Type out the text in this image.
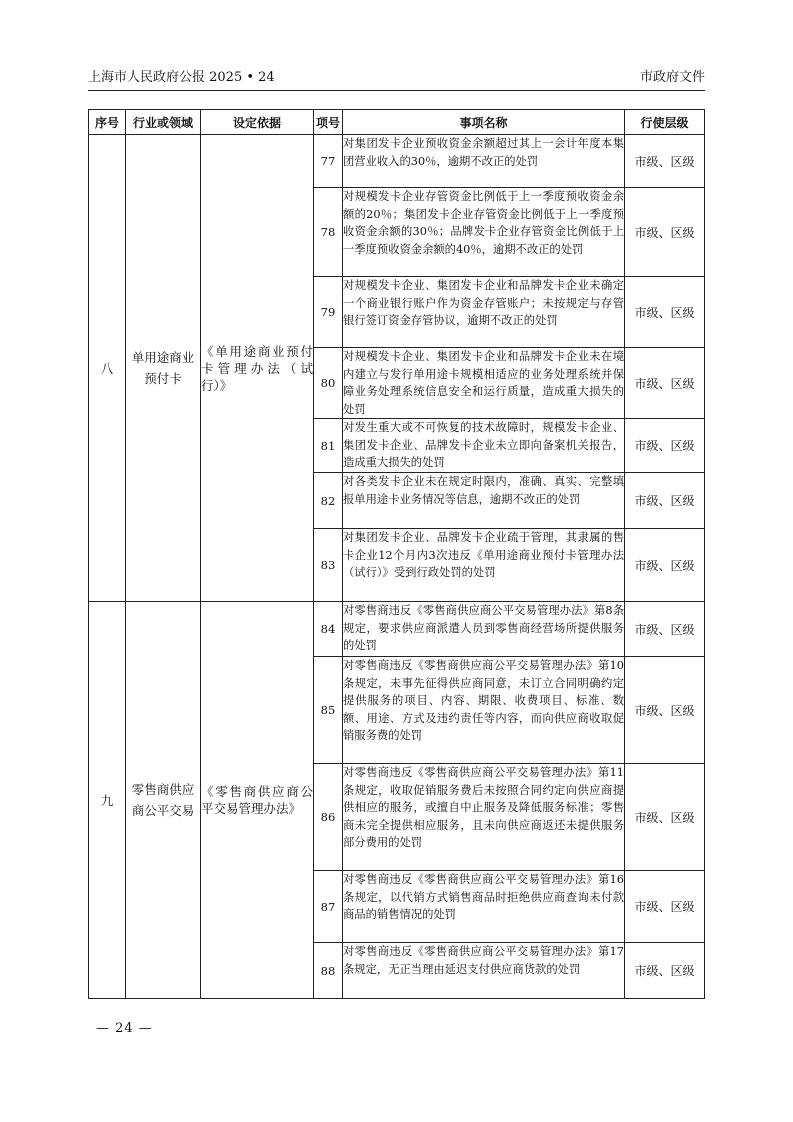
上海市人民政府公报 2025 • 24	市政府文件
序号	行业或领域	设定依据	项号	事项名称	行使层级
八	单用途商业预付卡	《单用途商业预付卡管理办法（试行）》	77	对集团发卡企业预收资金余额超过其上一会计年度本集团营业收入的30％，逾期不改正的处罚	市级、区级
			78	对规模发卡企业存管资金比例低于上一季度预收资金余额的20％；集团发卡企业存管资金比例低于上一季度预收资金余额的30％；品牌发卡企业存管资金比例低于上一季度预收资金余额的40％，逾期不改正的处罚	市级、区级
			79	对规模发卡企业、集团发卡企业和品牌发卡企业未确定一个商业银行账户作为资金存管账户；未按规定与存管银行签订资金存管协议，逾期不改正的处罚	市级、区级
			80	对规模发卡企业、集团发卡企业和品牌发卡企业未在境内建立与发行单用途卡规模相适应的业务处理系统并保障业务处理系统信息安全和运行质量，造成重大损失的处罚	市级、区级
			81	对发生重大或不可恢复的技术故障时，规模发卡企业、集团发卡企业、品牌发卡企业未立即向备案机关报告，造成重大损失的处罚	市级、区级
			82	对各类发卡企业未在规定时限内，准确、真实、完整填报单用途卡业务情况等信息，逾期不改正的处罚	市级、区级
			83	对集团发卡企业、品牌发卡企业疏于管理，其隶属的售卡企业12个月内3次违反《单用途商业预付卡管理办法（试行）》受到行政处罚的处罚	市级、区级
九	零售商供应商公平交易	《零售商供应商公平交易管理办法》	84	对零售商违反《零售商供应商公平交易管理办法》第8条规定，要求供应商派遣人员到零售商经营场所提供服务的处罚	市级、区级
			85	对零售商违反《零售商供应商公平交易管理办法》第10条规定，未事先征得供应商同意，未订立合同明确约定提供服务的项目、内容、期限、收费项目、标准、数额、用途、方式及违约责任等内容，而向供应商收取促销服务费的处罚	市级、区级
			86	对零售商违反《零售商供应商公平交易管理办法》第11条规定，收取促销服务费后未按照合同约定向供应商提供相应的服务，或擅自中止服务及降低服务标准；零售商未完全提供相应服务，且未向供应商返还未提供服务部分费用的处罚	市级、区级
			87	对零售商违反《零售商供应商公平交易管理办法》第16条规定，以代销方式销售商品时拒绝供应商查询未付款商品的销售情况的处罚	市级、区级
			88	对零售商违反《零售商供应商公平交易管理办法》第17条规定，无正当理由延迟支付供应商货款的处罚	市级、区级
— 24 —
